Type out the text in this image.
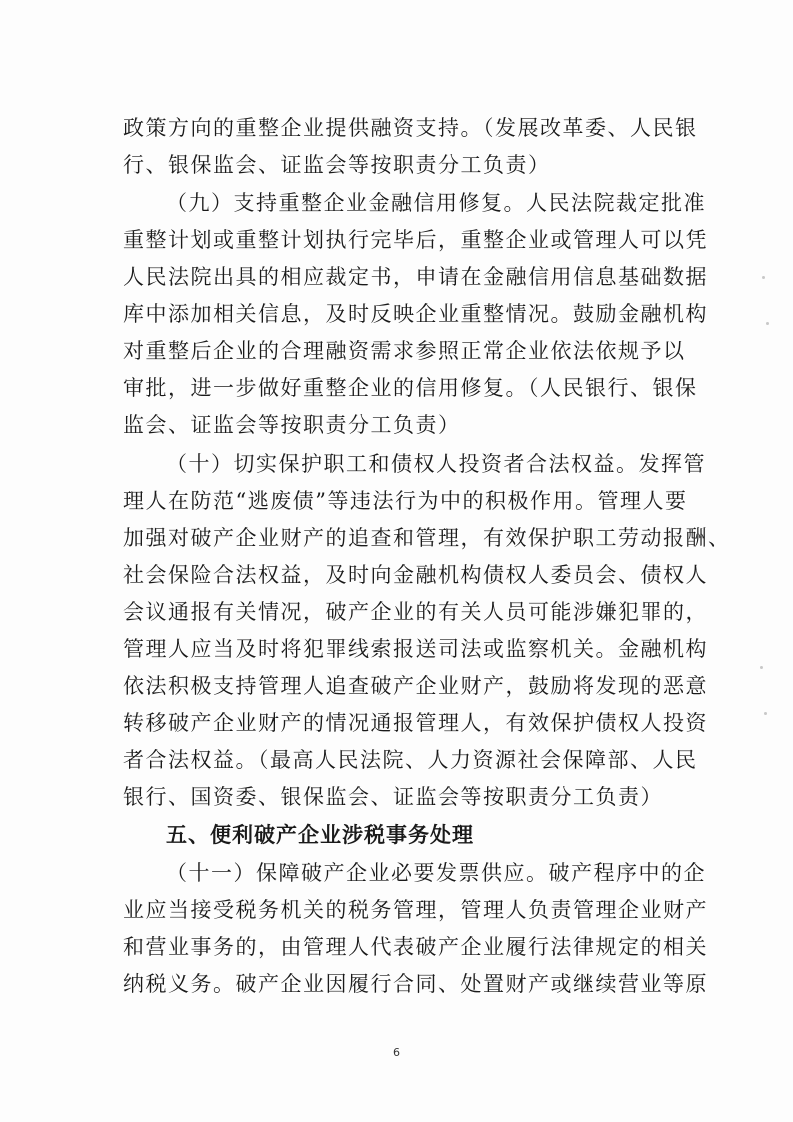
政策方向的重整企业提供融资支持。（发展改革委、人民银
行、银保监会、证监会等按职责分工负责）
（九）支持重整企业金融信用修复。人民法院裁定批准
重整计划或重整计划执行完毕后，重整企业或管理人可以凭
人民法院出具的相应裁定书，申请在金融信用信息基础数据
库中添加相关信息，及时反映企业重整情况。鼓励金融机构
对重整后企业的合理融资需求参照正常企业依法依规予以
审批，进一步做好重整企业的信用修复。（人民银行、银保
监会、证监会等按职责分工负责）
（十）切实保护职工和债权人投资者合法权益。发挥管
理人在防范“逃废债”等违法行为中的积极作用。管理人要
加强对破产企业财产的追查和管理，有效保护职工劳动报酬、
社会保险合法权益，及时向金融机构债权人委员会、债权人
会议通报有关情况，破产企业的有关人员可能涉嫌犯罪的，
管理人应当及时将犯罪线索报送司法或监察机关。金融机构
依法积极支持管理人追查破产企业财产，鼓励将发现的恶意
转移破产企业财产的情况通报管理人，有效保护债权人投资
者合法权益。（最高人民法院、人力资源社会保障部、人民
银行、国资委、银保监会、证监会等按职责分工负责）
五、便利破产企业涉税事务处理
（十一）保障破产企业必要发票供应。破产程序中的企
业应当接受税务机关的税务管理，管理人负责管理企业财产
和营业事务的，由管理人代表破产企业履行法律规定的相关
纳税义务。破产企业因履行合同、处置财产或继续营业等原
6
